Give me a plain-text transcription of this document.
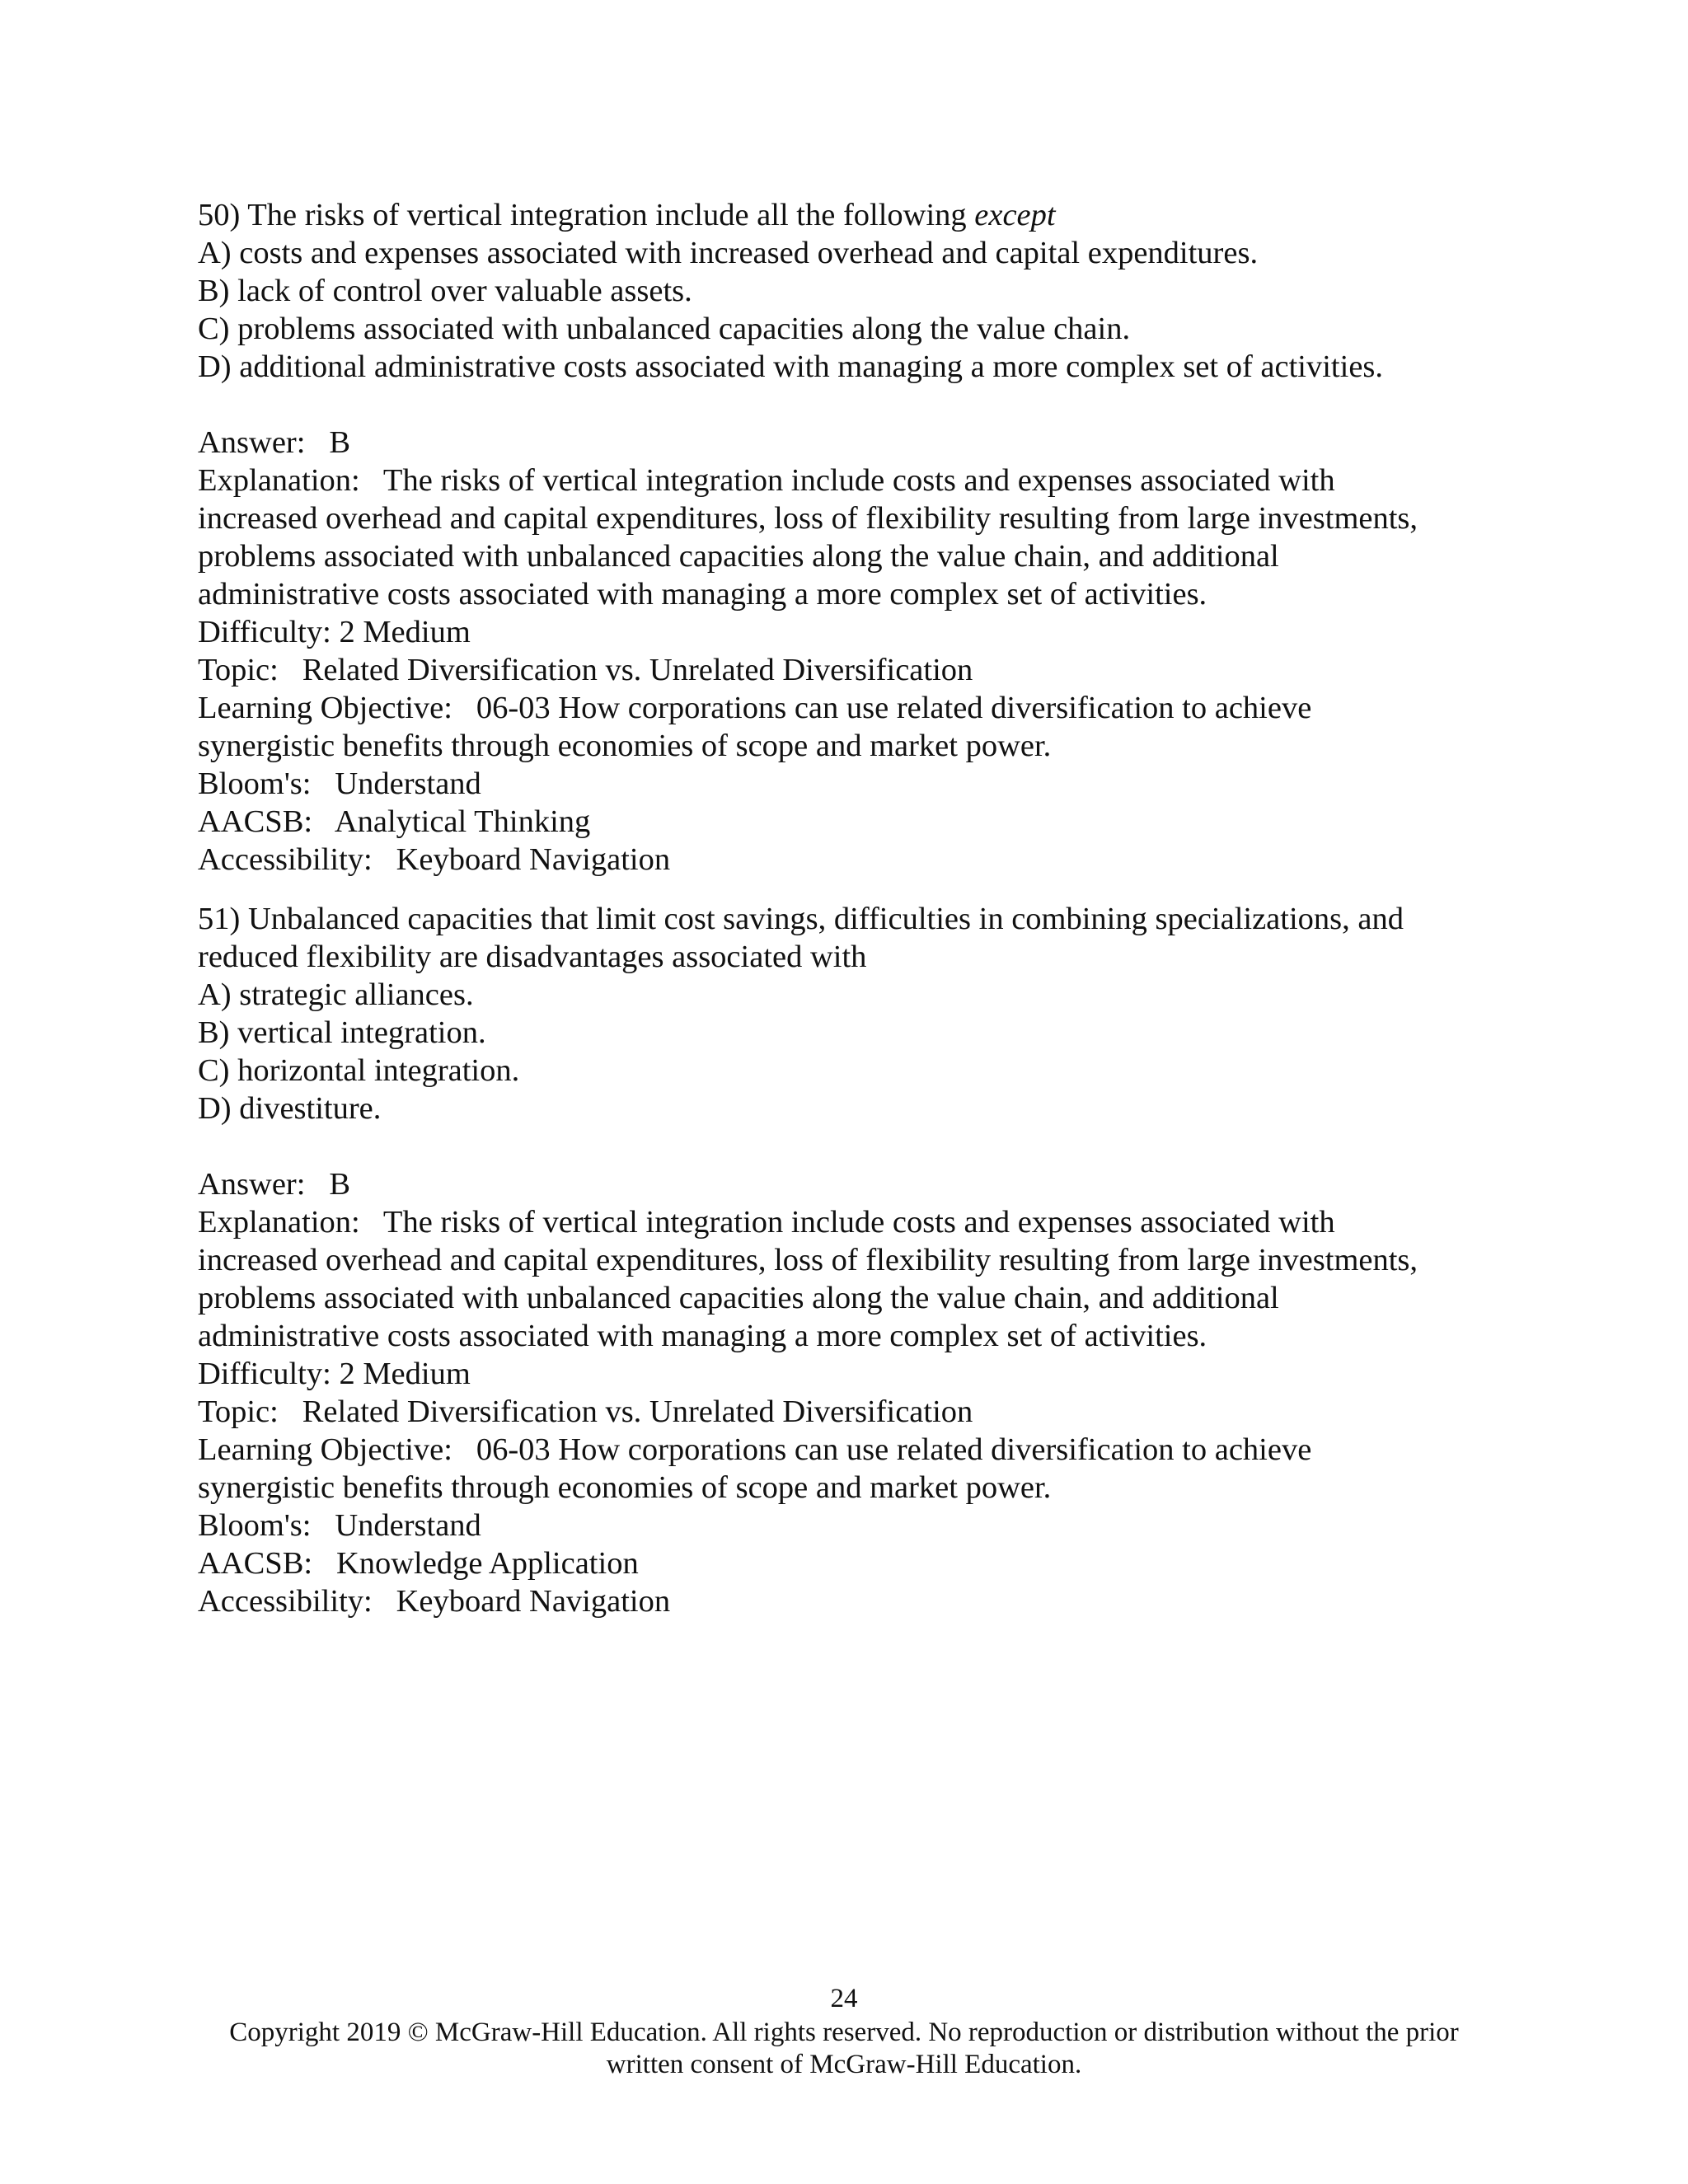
50) The risks of vertical integration include all the following except
A) costs and expenses associated with increased overhead and capital expenditures.
B) lack of control over valuable assets.
C) problems associated with unbalanced capacities along the value chain.
D) additional administrative costs associated with managing a more complex set of activities.
Answer: B
Explanation: The risks of vertical integration include costs and expenses associated with
increased overhead and capital expenditures, loss of flexibility resulting from large investments,
problems associated with unbalanced capacities along the value chain, and additional
administrative costs associated with managing a more complex set of activities.
Difficulty: 2 Medium
Topic: Related Diversification vs. Unrelated Diversification
Learning Objective: 06-03 How corporations can use related diversification to achieve
synergistic benefits through economies of scope and market power.
Bloom's: Understand
AACSB: Analytical Thinking
Accessibility: Keyboard Navigation
51) Unbalanced capacities that limit cost savings, difficulties in combining specializations, and
reduced flexibility are disadvantages associated with
A) strategic alliances.
B) vertical integration.
C) horizontal integration.
D) divestiture.
Answer: B
Explanation: The risks of vertical integration include costs and expenses associated with
increased overhead and capital expenditures, loss of flexibility resulting from large investments,
problems associated with unbalanced capacities along the value chain, and additional
administrative costs associated with managing a more complex set of activities.
Difficulty: 2 Medium
Topic: Related Diversification vs. Unrelated Diversification
Learning Objective: 06-03 How corporations can use related diversification to achieve
synergistic benefits through economies of scope and market power.
Bloom's: Understand
AACSB: Knowledge Application
Accessibility: Keyboard Navigation
24
Copyright 2019 © McGraw-Hill Education. All rights reserved. No reproduction or distribution without the prior
written consent of McGraw-Hill Education.
